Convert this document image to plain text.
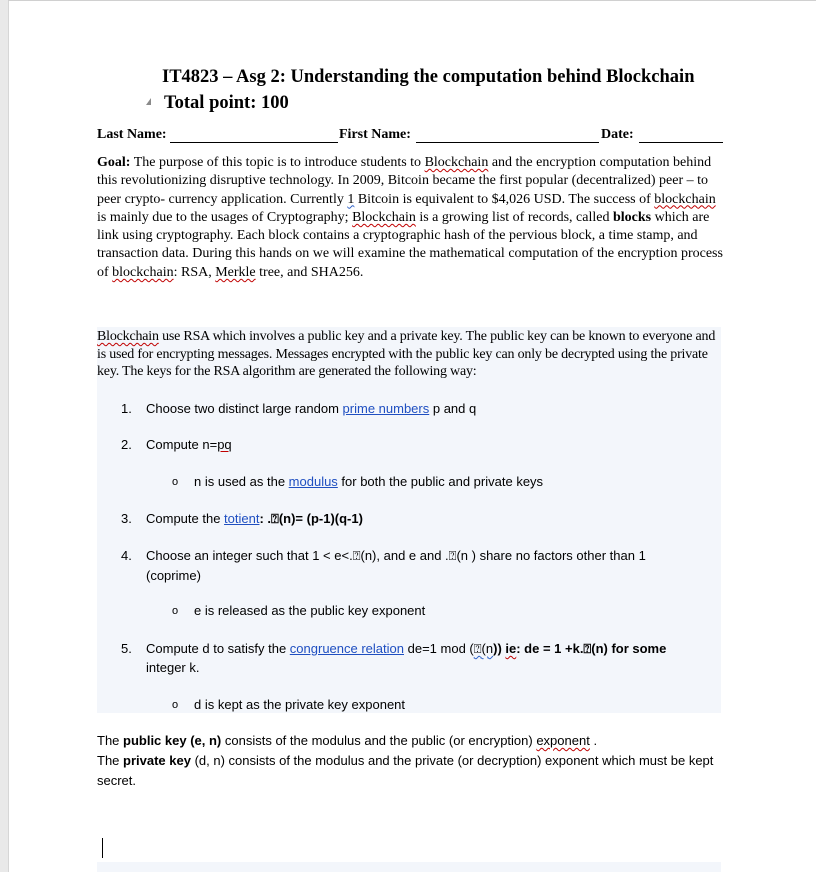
IT4823 – Asg 2: Understanding the computation behind Blockchain
Total point: 100
Last Name:	First Name:	Date:
Goal: The purpose of this topic is to introduce students to Blockchain and the encryption computation behind this revolutionizing disruptive technology. In 2009, Bitcoin became the first popular (decentralized) peer – to peer crypto- currency application. Currently 1 Bitcoin is equivalent to $4,026 USD. The success of blockchain is mainly due to the usages of Cryptography; Blockchain is a growing list of records, called blocks which are link using cryptography. Each block contains a cryptographic hash of the pervious block, a time stamp, and transaction data. During this hands on we will examine the mathematical computation of the encryption process of blockchain: RSA, Merkle tree, and SHA256.
Blockchain use RSA which involves a public key and a private key. The public key can be known to everyone and is used for encrypting messages. Messages encrypted with the public key can only be decrypted using the private key. The keys for the RSA algorithm are generated the following way:
1. Choose two distinct large random prime numbers p and q
2. Compute n=pq
o n is used as the modulus for both the public and private keys
3. Compute the totient: .⍰(n)= (p-1)(q-1)
4. Choose an integer such that 1 < e<.⍰(n), and e and .⍰(n ) share no factors other than 1
(coprime)
o e is released as the public key exponent
5. Compute d to satisfy the congruence relation de=1 mod (⍰(n)) ie: de = 1 +k.⍰(n) for some
integer k.
o d is kept as the private key exponent
The public key (e, n) consists of the modulus and the public (or encryption) exponent .
The private key (d, n) consists of the modulus and the private (or decryption) exponent which must be kept secret.
